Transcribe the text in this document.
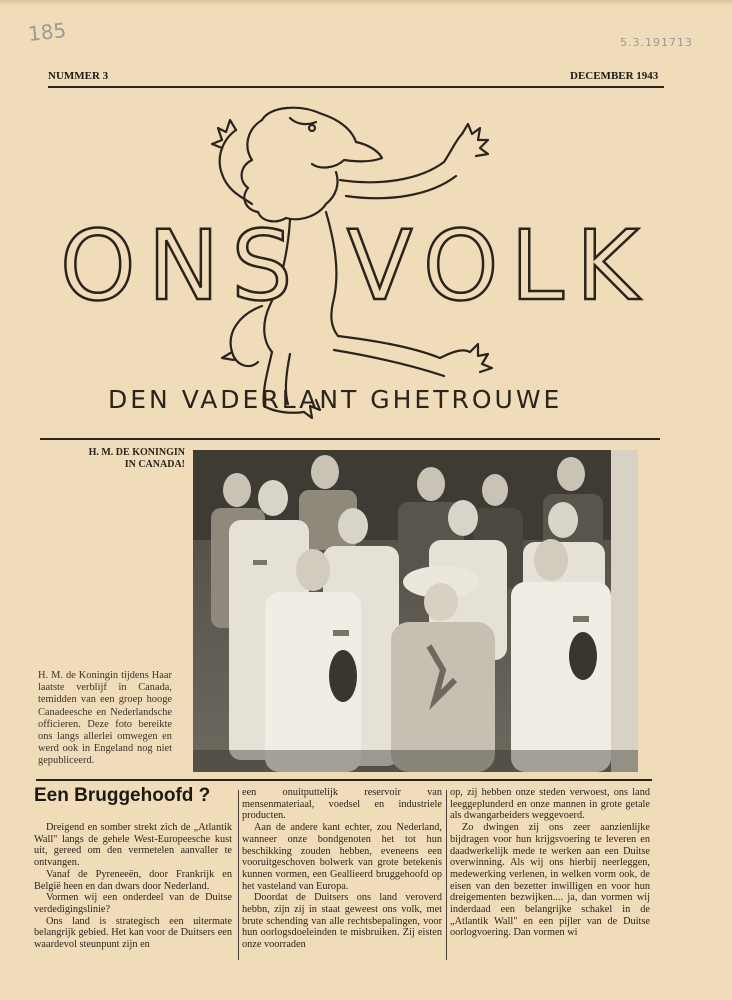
185	5.3.191713
NUMMER 3	DECEMBER 1943
ONS VOLK
DEN VADERLANT GHETROUWE
H. M. DE KONINGIN
IN CANADA!
H. M. de Koningin tijdens Haar laatste verblijf in Canada, temidden van een groep hooge Canadeesche en Nederlandsche officieren. Deze foto bereikte ons langs allerlei omwegen en werd ook in Engeland nog niet gepubliceerd.
Een Bruggehoofd ?

Dreigend en somber strekt zich de „Atlantik Wall" langs de gehele West-Europeesche kust uit, gereed om den vermetelen aanvaller te ontvangen.

Vanaf de Pyreneeën, door Frankrijk en België heen en dan dwars door Nederland.

Vormen wij een onderdeel van de Duitse verdedigingslinie?

Ons land is strategisch een uitermate belangrijk gebied. Het kan voor de Duitsers een waardevol steunpunt zijn en

een onuitputtelijk reservoir van mensenmateriaal, voedsel en industriele producten.

Aan de andere kant echter, zou Nederland, wanneer onze bondgenoten het tot hun beschikking zouden hebben, eveneens een vooruitgeschoven bolwerk van grote betekenis kunnen vormen, een Geallieerd bruggehoofd op het vasteland van Europa.

Doordat de Duitsers ons land veroverd hebbn, zijn zij in staat geweest ons volk, met brute schending van alle rechtsbepalingen, voor hun oorlogsdoeleinden te misbruiken. Zij eisten onze voorraden

op, zij hebben onze steden verwoest, ons land leeggeplunderd en onze mannen in grote getale als dwangarbeiders weggevoerd.

Zo dwingen zij ons zeer aanzienlijke bijdragen voor hun krijgsvoering te leveren en daadwerkelijk mede te werken aan een Duitse overwinning. Als wij ons hierbij neerleggen, medewerking verlenen, in welken vorm ook, de eisen van den bezetter inwilligen en voor hun dreigementen bezwijken.... ja, dan vormen wij inderdaad een belangrijke schakel in de „Atlantik Wall" en een pijler van de Duitse oorlogvoering. Dan vormen wi
